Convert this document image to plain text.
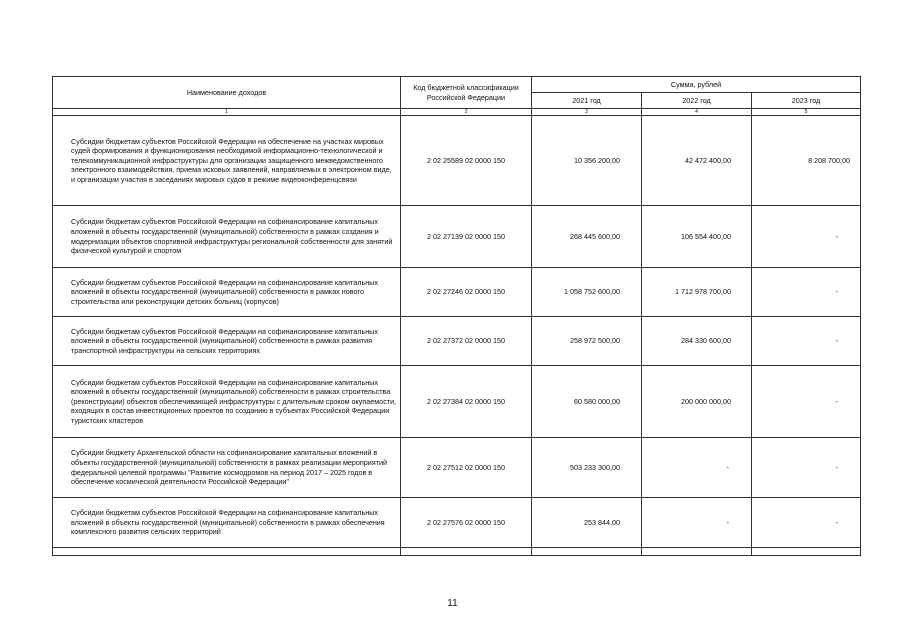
Наименование доходов	Код бюджетной классификации Российской Федерации	Сумма, рублей		
		2021 год	2022 год	2023 год
1	2	3	4	5
Субсидии бюджетам субъектов Российской Федерации на обеспечение на участках мировых судей формирования и функционирования необходимой информационно-технологической и телекоммуникационной инфраструктуры для организации защищенного межведомственного электронного взаимодействия, приема исковых заявлений, направляемых в электронном виде, и организации участия в заседаниях мировых судов в режиме видеоконференцсвязи	2 02 25589 02 0000 150	10 356 200,00	42 472 400,00	8 208 700,00
Субсидии бюджетам субъектов Российской Федерации на софинансирование капитальных вложений в объекты государственной (муниципальной) собственности в рамках создания и модернизации объектов спортивной инфраструктуры региональной собственности для занятий физической культурой и спортом	2 02 27139 02 0000 150	268 445 600,00	106 554 400,00	-
Субсидии бюджетам субъектов Российской Федерации на софинансирование капитальных вложений в объекты государственной (муниципальной) собственности в рамках нового строительства или реконструкции детских больниц (корпусов)	2 02 27246 02 0000 150	1 058 752 600,00	1 712 978 700,00	-
Субсидии бюджетам субъектов Российской Федерации на софинансирование капитальных вложений в объекты государственной (муниципальной) собственности в рамках развития транспортной инфраструктуры на сельских территориях	2 02 27372 02 0000 150	258 972 500,00	284 330 600,00	-
Субсидии бюджетам субъектов Российской Федерации на софинансирование капитальных вложений в объекты государственной (муниципальной) собственности в рамках строительства (реконструкции) объектов обеспечивающей инфраструктуры с длительным сроком окупаемости, входящих в состав инвестиционных проектов по созданию в субъектах Российской Федерации туристских кластеров	2 02 27384 02 0000 150	60 580 000,00	200 000 000,00	-
Субсидии бюджету Архангельской области на софинансирование капитальных вложений в объекты государственной (муниципальной) собственности в рамках реализации мероприятий федеральной целевой программы "Развитие космодромов на период 2017 – 2025 годов в обеспечение космической деятельности Российской Федерации"	2 02 27512 02 0000 150	503 233 300,00	-	-
Субсидии бюджетам субъектов Российской Федерации на софинансирование капитальных вложений в объекты государственной (муниципальной) собственности в рамках обеспечения комплексного развития сельских территорий	2 02 27576 02 0000 150	253 844,00	-	-

11
